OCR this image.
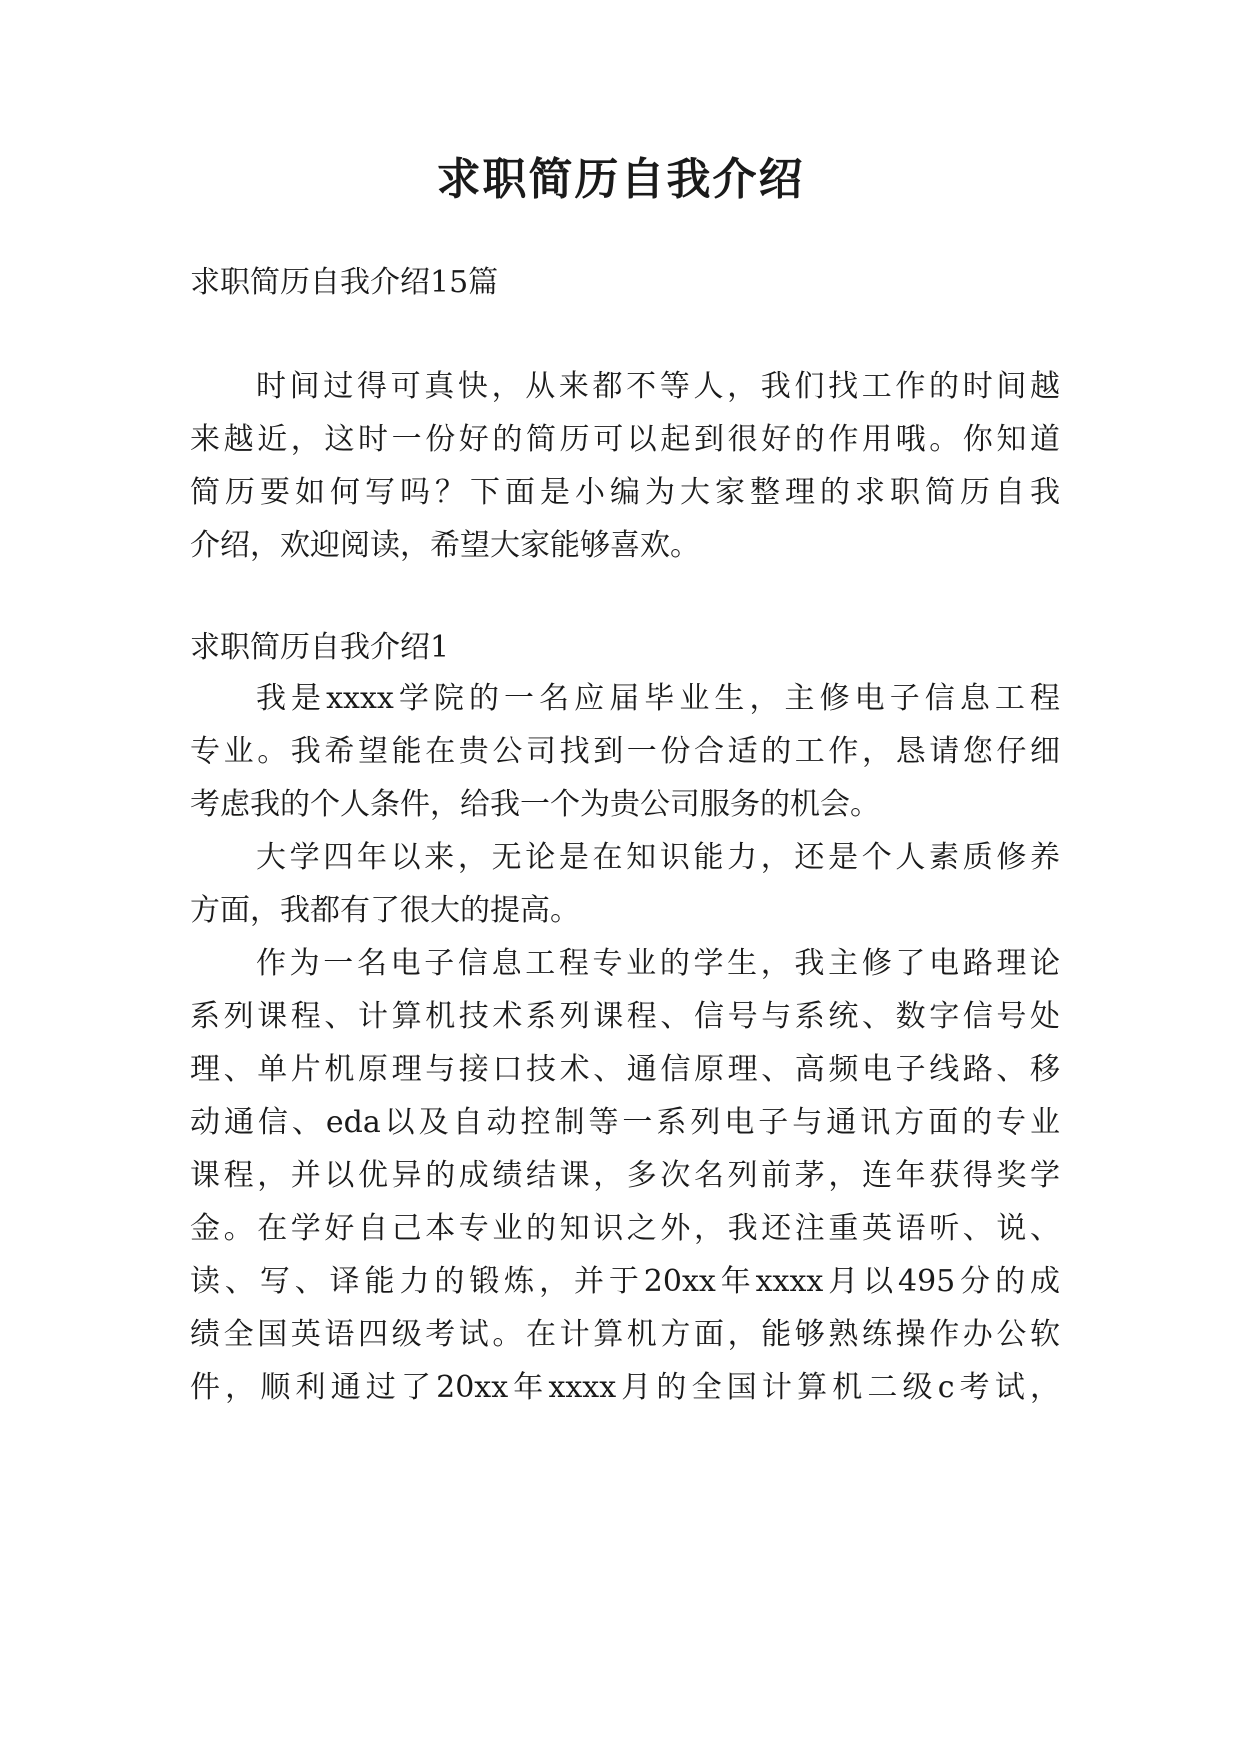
求职简历自我介绍

求职简历自我介绍15篇

时间过得可真快，从来都不等人，我们找工作的时间越

来越近，这时一份好的简历可以起到很好的作用哦。你知道

简历要如何写吗？下面是小编为大家整理的求职简历自我

介绍，欢迎阅读，希望大家能够喜欢。

求职简历自我介绍1

我是xxxx学院的一名应届毕业生，主修电子信息工程

专业。我希望能在贵公司找到一份合适的工作，恳请您仔细

考虑我的个人条件，给我一个为贵公司服务的机会。

大学四年以来，无论是在知识能力，还是个人素质修养

方面，我都有了很大的提高。

作为一名电子信息工程专业的学生，我主修了电路理论

系列课程、计算机技术系列课程、信号与系统、数字信号处

理、单片机原理与接口技术、通信原理、高频电子线路、移

动通信、eda以及自动控制等一系列电子与通讯方面的专业

课程，并以优异的成绩结课，多次名列前茅，连年获得奖学

金。在学好自己本专业的知识之外，我还注重英语听、说、

读、写、译能力的锻炼，并于20xx年xxxx月以495分的成

绩全国英语四级考试。在计算机方面，能够熟练操作办公软

件，顺利通过了20xx年xxxx月的全国计算机二级c考试，
